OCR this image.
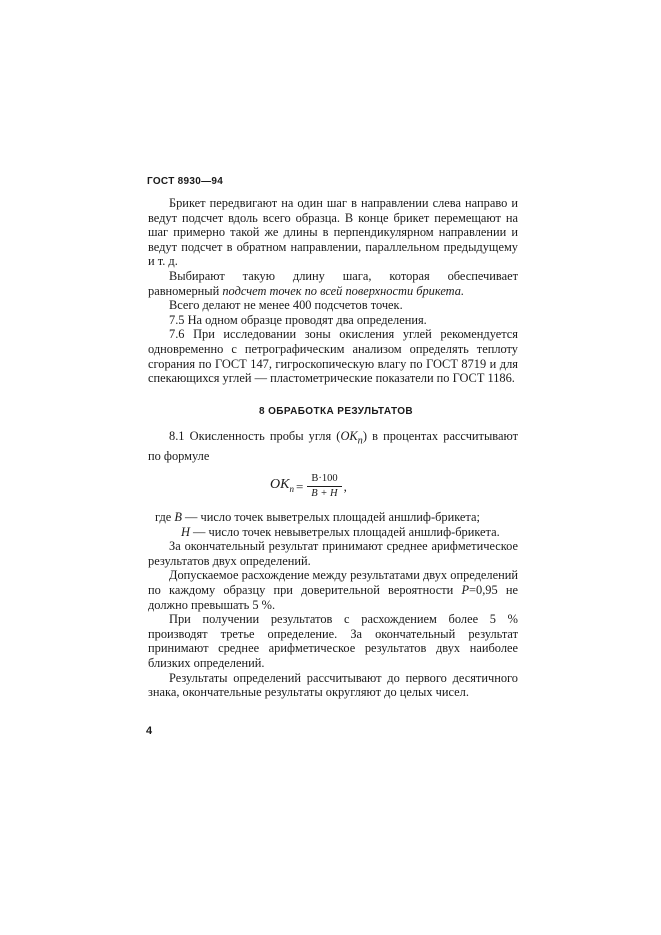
ГОСТ 8930—94

Брикет передвигают на один шаг в направлении слева направо и ведут подсчет вдоль всего образца. В конце брикет перемещают на шаг примерно такой же длины в перпендикулярном направлении и ведут подсчет в обратном направлении, параллельном предыдущему и т. д.

Выбирают такую длину шага, которая обеспечивает равномерный подсчет точек по всей поверхности брикета.

Всего делают не менее 400 подсчетов точек.

7.5 На одном образце проводят два определения.

7.6 При исследовании зоны окисления углей рекомендуется одновременно с петрографическим анализом определять теплоту сгорания по ГОСТ 147, гигроскопическую влагу по ГОСТ 8719 и для спекающихся углей — пластометрические показатели по ГОСТ 1186.

8 ОБРАБОТКА РЕЗУЛЬТАТОВ

8.1 Окисленность пробы угля $(OK_п)$ в процентах рассчитывают по формуле

$OK_п = \frac{B\cdot 100}{B + H}$ ,

где B — число точек выветрелых площадей аншлиф-брикета;

H — число точек невыветрелых площадей аншлиф-брикета.

За окончательный результат принимают среднее арифметическое результатов двух определений.

Допускаемое расхождение между результатами двух определений по каждому образцу при доверительной вероятности P=0,95 не должно превышать 5 %.

При получении результатов с расхождением более 5 % производят третье определение. За окончательный результат принимают среднее арифметическое результатов двух наиболее близких определений.

Результаты определений рассчитывают до первого десятичного знака, окончательные результаты округляют до целых чисел.

4
